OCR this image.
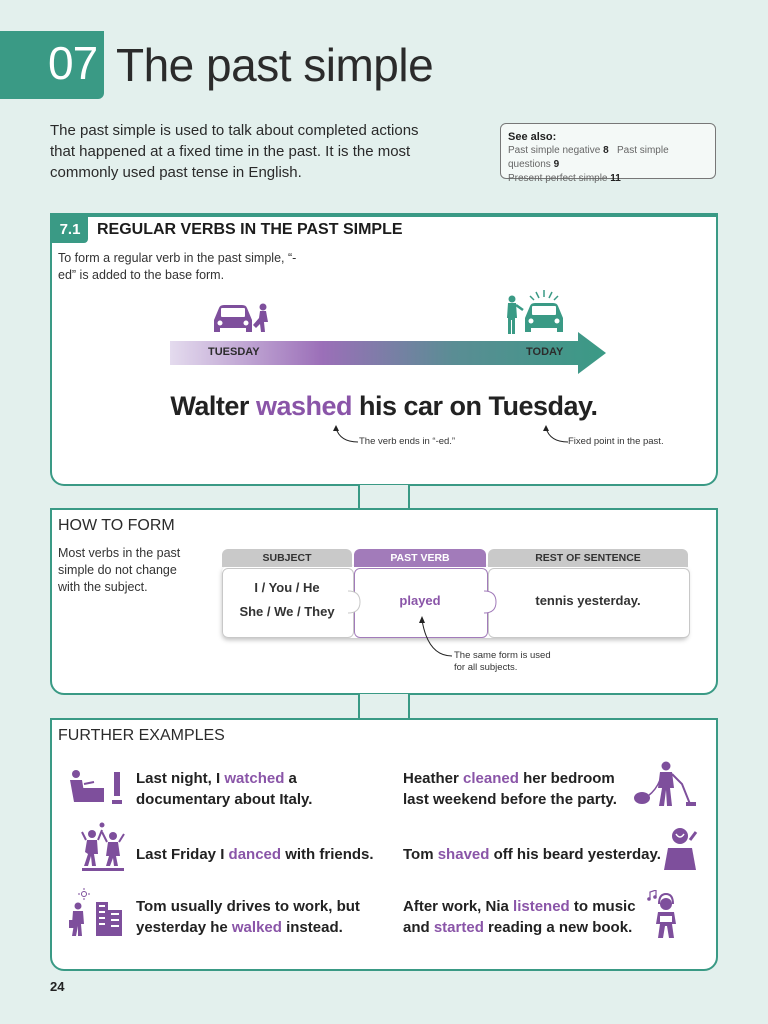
07 The past simple
The past simple is used to talk about completed actions that happened at a fixed time in the past. It is the most commonly used past tense in English.
See also:
Past simple negative 8 Past simple questions 9
Present perfect simple 11
7.1	REGULAR VERBS IN THE PAST SIMPLE
To form a regular verb in the past simple, “-ed” is added to the base form.
TUESDAY	TODAY
Walter washed his car on Tuesday.
The verb ends in “-ed.”	Fixed point in the past.
HOW TO FORM
Most verbs in the past simple do not change with the subject.
SUBJECT	PAST VERB	REST OF SENTENCE
I / You / He
She / We / They
played	tennis yesterday.
The same form is used for all subjects.
FURTHER EXAMPLES
Last night, I watched a documentary about Italy.
Last Friday I danced with friends.
Tom usually drives to work, but yesterday he walked instead.
Heather cleaned her bedroom last weekend before the party.
Tom shaved off his beard yesterday.
After work, Nia listened to music and started reading a new book.
24
